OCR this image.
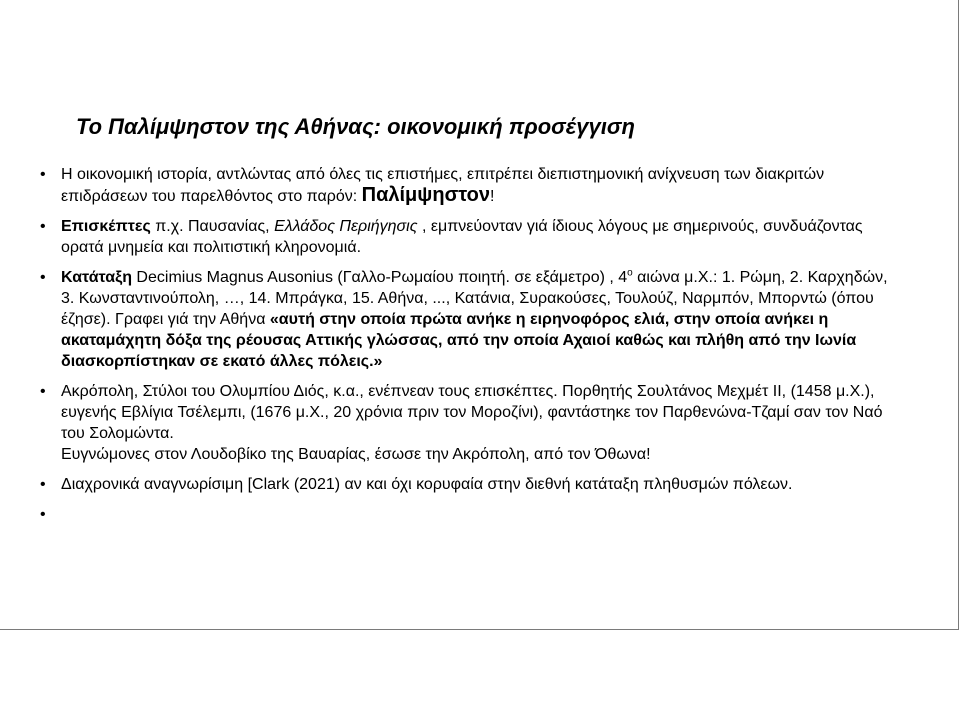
Το Παλίμψηστον της Αθήνας: οικονομική προσέγγιση
• Η οικονομική ιστορία, αντλώντας από όλες τις επιστήμες, επιτρέπει διεπιστημονική ανίχνευση των διακριτών επιδράσεων του παρελθόντος στο παρόν: Παλίμψηστον!
• Επισκέπτες π.χ. Παυσανίας, Ελλάδος Περιήγησις , εμπνεύονταν γιά ίδιους λόγους με σημερινούς, συνδυάζοντας ορατά μνημεία και πολιτιστική κληρονομιά.
• Κατάταξη Decimius Magnus Ausonius (Γαλλο-Ρωμαίου ποιητή. σε εξάμετρο) , $4^o$ αιώνα μ.Χ.: 1. Ρώμη, 2. Καρχηδών, 3. Κωνσταντινούπολη, …, 14. Μπράγκα, 15. Αθήνα, ..., Κατάνια, Συρακούσες, Τουλούζ, Ναρμπόν, Μπορντώ (όπου έζησε). Γραφει γιά την Αθήνα «αυτή στην οποία πρώτα ανήκε η ειρηνοφόρος ελιά, στην οποία ανήκει η ακαταμάχητη δόξα της ρέουσας Αττικής γλώσσας, από την οποία Αχαιοί καθώς και πλήθη από την Ιωνία διασκορπίστηκαν σε εκατό άλλες πόλεις.»
• Ακρόπολη, Στύλοι του Ολυμπίου Διός, κ.α., ενέπνεαν τους επισκέπτες. Πορθητής Σουλτάνος Μεχμέτ ΙΙ, (1458 μ.Χ.), ευγενής Εβλίγια Τσέλεμπι, (1676 μ.Χ., 20 χρόνια πριν τον Μοροζίνι), φαντάστηκε τον Παρθενώνα-Τζαμί σαν τον Ναό του Σολομώντα.
Ευγνώμονες στον Λουδοβίκο της Βαυαρίας, έσωσε την Ακρόπολη, από τον Όθωνα!
• Διαχρονικά αναγνωρίσιμη [Clark (2021) αν και όχι κορυφαία στην διεθνή κατάταξη πληθυσμών πόλεων.
•
